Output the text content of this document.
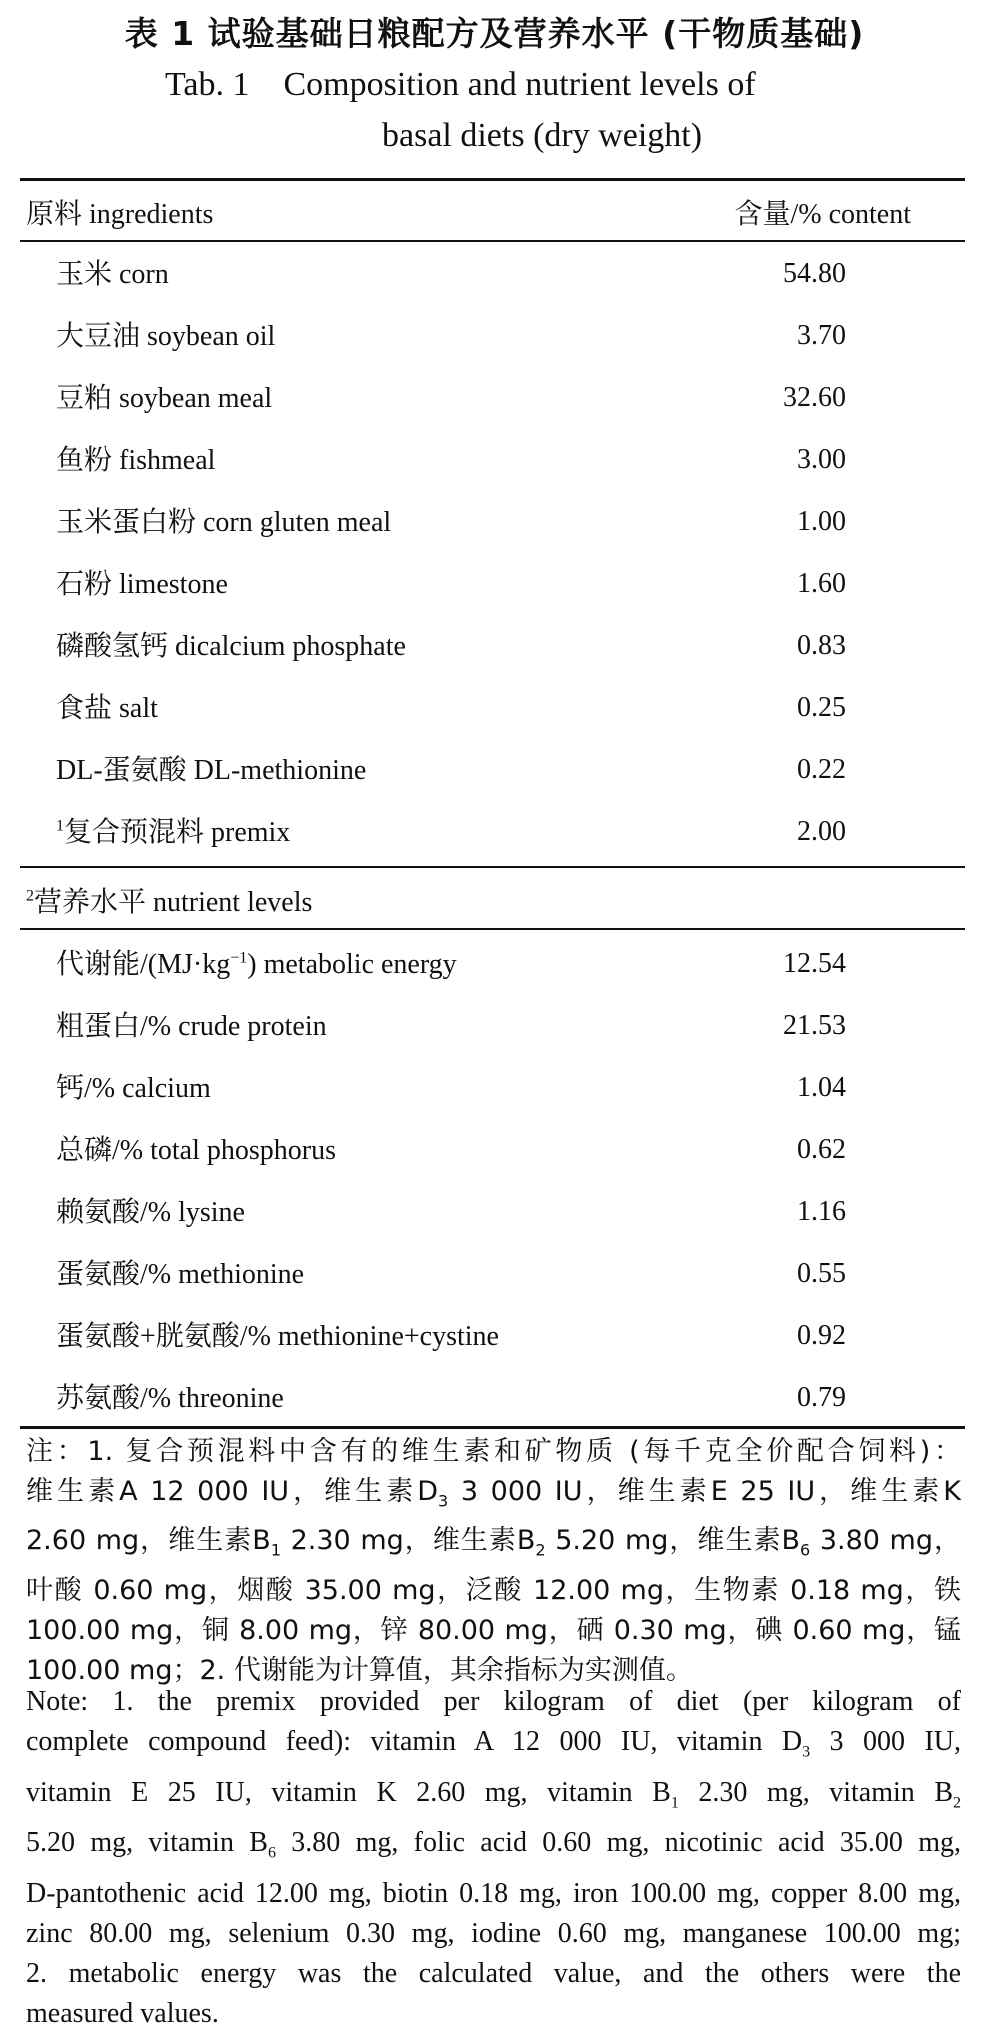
表 1 试验基础日粮配方及营养水平 (干物质基础)
Tab. 1    Composition and nutrient levels of
basal diets (dry weight)
原料 ingredients	含量/% content
玉米 corn	54.80
大豆油 soybean oil	3.70
豆粕 soybean meal	32.60
鱼粉 fishmeal	3.00
玉米蛋白粉 corn gluten meal	1.00
石粉 limestone	1.60
磷酸氢钙 dicalcium phosphate	0.83
食盐 salt	0.25
DL-蛋氨酸 DL-methionine	0.22
$^1$复合预混料 premix	2.00
$^2$营养水平 nutrient levels
代谢能$/(MJ\cdot kg^{-1})$ metabolic energy	12.54
粗蛋白/% crude protein	21.53
钙/% calcium	1.04
总磷/% total phosphorus	0.62
赖氨酸/% lysine	1.16
蛋氨酸/% methionine	0.55
蛋氨酸+胱氨酸/% methionine+cystine	0.92
苏氨酸/% threonine	0.79
注：1. 复合预混料中含有的维生素和矿物质 (每千克全价配合饲料)：
维生素A 12 000 IU，维生素$D_3$ 3 000 IU，维生素E 25 IU，维生素K
2.60 mg，维生素$B_1$ 2.30 mg，维生素$B_2$ 5.20 mg，维生素$B_6$ 3.80 mg，
叶酸 0.60 mg，烟酸 35.00 mg，泛酸 12.00 mg，生物素 0.18 mg，铁
100.00 mg，铜 8.00 mg，锌 80.00 mg，硒 0.30 mg，碘 0.60 mg，锰
100.00 mg；2. 代谢能为计算值，其余指标为实测值。
Note: 1. the premix provided per kilogram of diet (per kilogram of
complete compound feed): vitamin A 12 000 IU, vitamin $D_3$ 3 000 IU,
vitamin E 25 IU, vitamin K 2.60 mg, vitamin $B_1$ 2.30 mg, vitamin $B_2$
5.20 mg, vitamin $B_6$ 3.80 mg, folic acid 0.60 mg, nicotinic acid 35.00 mg,
D-pantothenic acid 12.00 mg, biotin 0.18 mg, iron 100.00 mg, copper 8.00 mg,
zinc 80.00 mg, selenium 0.30 mg, iodine 0.60 mg, manganese 100.00 mg;
2. metabolic energy was the calculated value, and the others were the
measured values.
